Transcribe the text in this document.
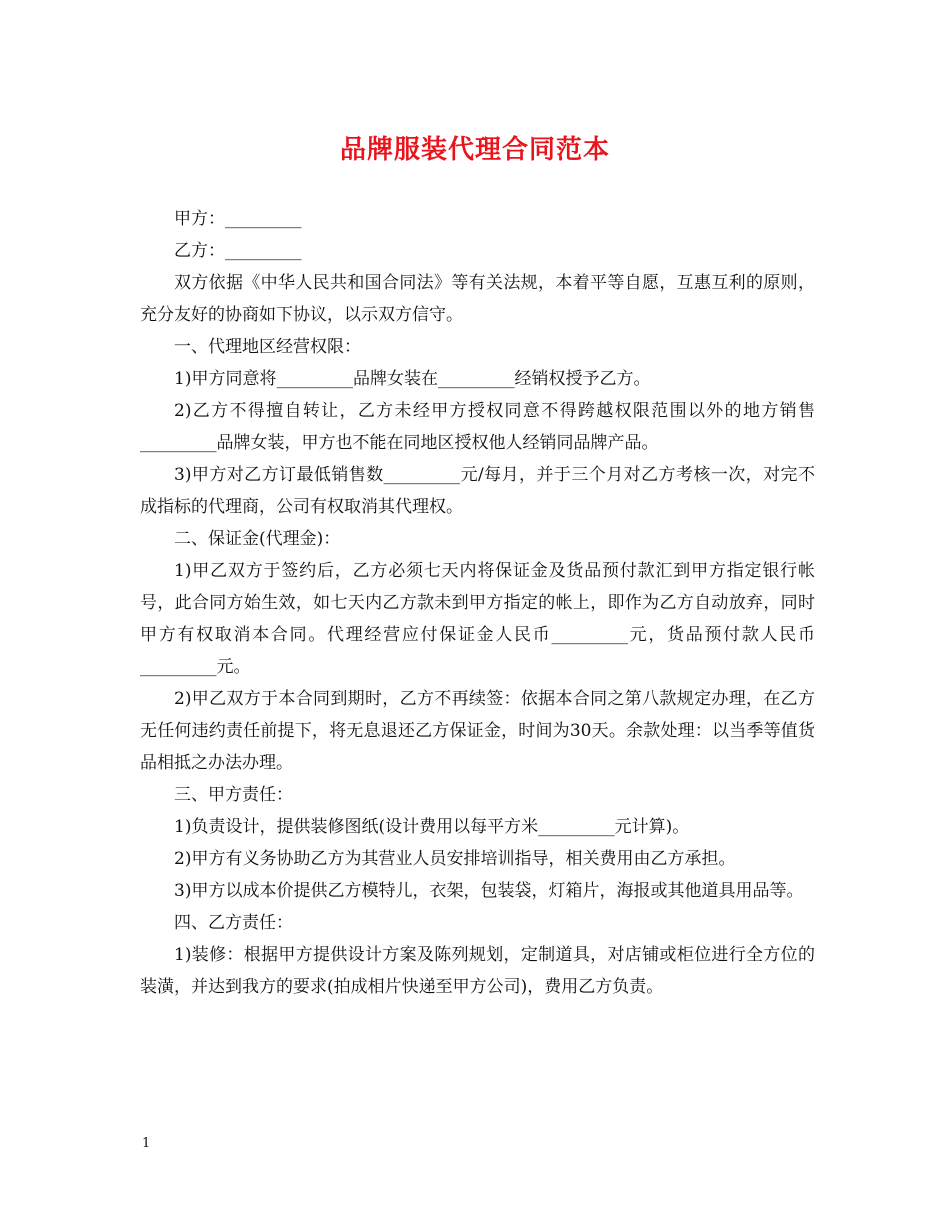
品牌服装代理合同范本

甲方：_________

乙方：_________

双方依据《中华人民共和国合同法》等有关法规，本着平等自愿，互惠互利的原则，充分友好的协商如下协议，以示双方信守。

一、代理地区经营权限：

1)甲方同意将_________品牌女装在_________经销权授予乙方。

2)乙方不得擅自转让，乙方未经甲方授权同意不得跨越权限范围以外的地方销售_________品牌女装，甲方也不能在同地区授权他人经销同品牌产品。

3)甲方对乙方订最低销售数_________元/每月，并于三个月对乙方考核一次，对完不成指标的代理商，公司有权取消其代理权。

二、保证金(代理金)：

1)甲乙双方于签约后，乙方必须七天内将保证金及货品预付款汇到甲方指定银行帐号，此合同方始生效，如七天内乙方款未到甲方指定的帐上，即作为乙方自动放弃，同时甲方有权取消本合同。代理经营应付保证金人民币_________元，货品预付款人民币_________元。

2)甲乙双方于本合同到期时，乙方不再续签：依据本合同之第八款规定办理，在乙方无任何违约责任前提下，将无息退还乙方保证金，时间为30天。余款处理：以当季等值货品相抵之办法办理。

三、甲方责任：

1)负责设计，提供装修图纸(设计费用以每平方米_________元计算)。

2)甲方有义务协助乙方为其营业人员安排培训指导，相关费用由乙方承担。

3)甲方以成本价提供乙方模特儿，衣架，包装袋，灯箱片，海报或其他道具用品等。

四、乙方责任：

1)装修：根据甲方提供设计方案及陈列规划，定制道具，对店铺或柜位进行全方位的装潢，并达到我方的要求(拍成相片快递至甲方公司)，费用乙方负责。

1
